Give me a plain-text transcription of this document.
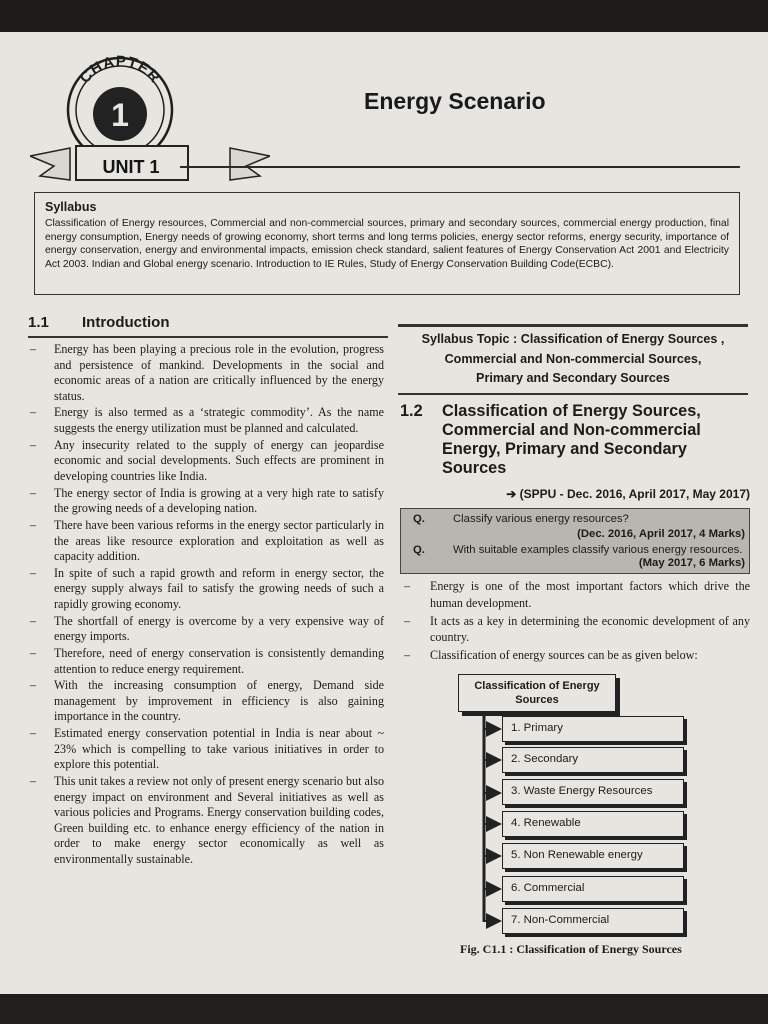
CHAPTER
1
UNIT 1
Energy Scenario
Syllabus

Classification of Energy resources, Commercial and non-commercial sources, primary and secondary sources, commercial energy production, final energy consumption, Energy needs of growing economy, short terms and long terms policies, energy sector reforms, energy security, importance of energy conservation, energy and environmental impacts, emission check standard, salient features of Energy Conservation Act 2001 and Electricity Act 2003. Indian and Global energy scenario. Introduction to IE Rules, Study of Energy Conservation Building Code(ECBC).

1.1 Introduction
– Energy has been playing a precious role in the evolution, progress and persistence of mankind. Developments in the social and economic areas of a nation are critically influenced by the energy status.
– Energy is also termed as a ‘strategic commodity’. As the name suggests the energy utilization must be planned and calculated.
– Any insecurity related to the supply of energy can jeopardise economic and social developments. Such effects are prominent in developing countries like India.
– The energy sector of India is growing at a very high rate to satisfy the growing needs of a developing nation.
– There have been various reforms in the energy sector particularly in the areas like resource exploration and exploitation as well as capacity addition.
– In spite of such a rapid growth and reform in energy sector, the energy supply always fail to satisfy the growing needs of such a rapidly growing economy.
– The shortfall of energy is overcome by a very expensive way of energy imports.
– Therefore, need of energy conservation is consistently demanding attention to reduce energy requirement.
– With the increasing consumption of energy, Demand side management by improvement in efficiency is also gaining importance in the country.
– Estimated energy conservation potential in India is near about ~ 23% which is compelling to take various initiatives in order to explore this potential.
– This unit takes a review not only of present energy scenario but also energy impact on environment and Several initiatives as well as various policies and Programs. Energy conservation building codes, Green building etc. to enhance energy efficiency of the nation in order to make energy sector economically as well as environmentally sustainable.
Syllabus Topic : Classification of Energy Sources ,
Commercial and Non-commercial Sources,
Primary and Secondary Sources
1.2 Classification of Energy Sources, Commercial and Non-commercial Energy, Primary and Secondary Sources
➔ (SPPU - Dec. 2016, April 2017, May 2017)
Q. Classify various energy resources?
(Dec. 2016, April 2017, 4 Marks)
Q. With suitable examples classify various energy resources.
(May 2017, 6 Marks)
– Energy is one of the most important factors which drive the human development.
– It acts as a key in determining the economic development of any country.
– Classification of energy sources can be as given below:
Classification of Energy Sources
1. Primary
2. Secondary
3. Waste Energy Resources
4. Renewable
5. Non Renewable energy
6. Commercial
7. Non-Commercial
Fig. C1.1 : Classification of Energy Sources
